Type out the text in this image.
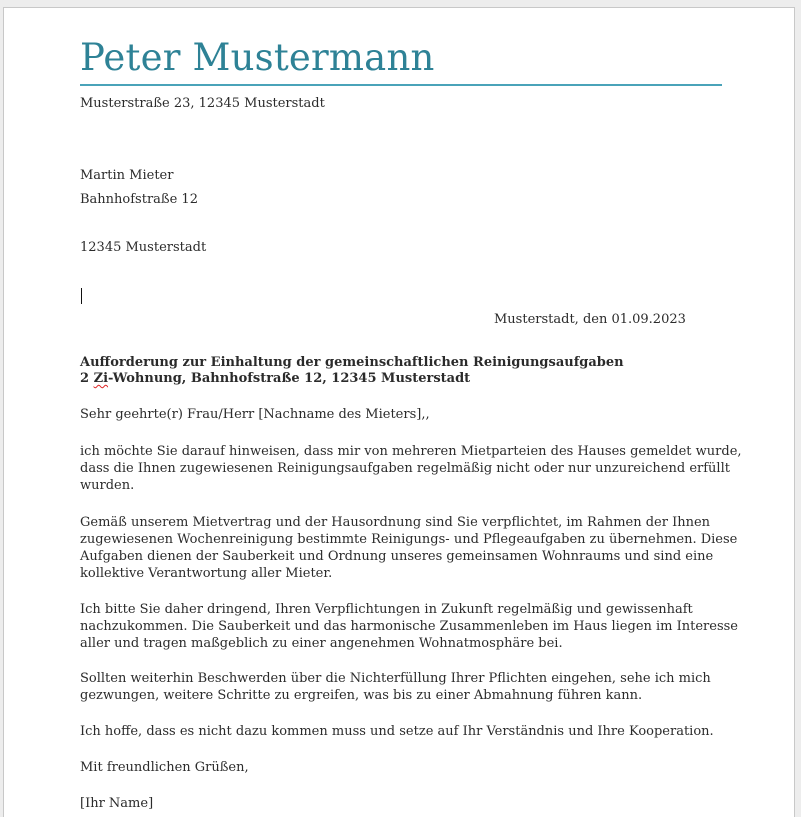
Peter Mustermann
Musterstraße 23, 12345 Musterstadt
Martin Mieter
Bahnhofstraße 12
12345 Musterstadt
Musterstadt, den 01.09.2023
Aufforderung zur Einhaltung der gemeinschaftlichen Reinigungsaufgaben
2 Zi-Wohnung, Bahnhofstraße 12, 12345 Musterstadt
Sehr geehrte(r) Frau/Herr [Nachname des Mieters],,
ich möchte Sie darauf hinweisen, dass mir von mehreren Mietparteien des Hauses gemeldet wurde,
dass die Ihnen zugewiesenen Reinigungsaufgaben regelmäßig nicht oder nur unzureichend erfüllt
wurden.
Gemäß unserem Mietvertrag und der Hausordnung sind Sie verpflichtet, im Rahmen der Ihnen
zugewiesenen Wochenreinigung bestimmte Reinigungs- und Pflegeaufgaben zu übernehmen. Diese
Aufgaben dienen der Sauberkeit und Ordnung unseres gemeinsamen Wohnraums und sind eine
kollektive Verantwortung aller Mieter.
Ich bitte Sie daher dringend, Ihren Verpflichtungen in Zukunft regelmäßig und gewissenhaft
nachzukommen. Die Sauberkeit und das harmonische Zusammenleben im Haus liegen im Interesse
aller und tragen maßgeblich zu einer angenehmen Wohnatmosphäre bei.
Sollten weiterhin Beschwerden über die Nichterfüllung Ihrer Pflichten eingehen, sehe ich mich
gezwungen, weitere Schritte zu ergreifen, was bis zu einer Abmahnung führen kann.
Ich hoffe, dass es nicht dazu kommen muss und setze auf Ihr Verständnis und Ihre Kooperation.
Mit freundlichen Grüßen,
[Ihr Name]
